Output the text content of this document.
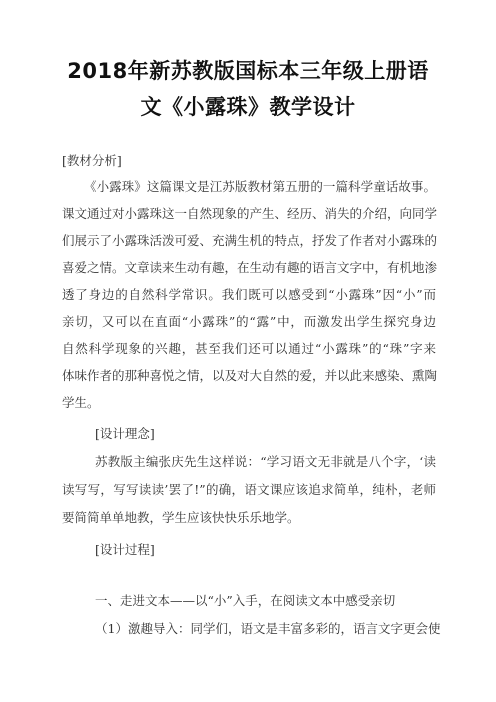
2018年新苏教版国标本三年级上册语
文《小露珠》教学设计
[教材分析]
《小露珠》这篇课文是江苏版教材第五册的一篇科学童话故事。
课文通过对小露珠这一自然现象的产生、经历、消失的介绍，向同学
们展示了小露珠活泼可爱、充满生机的特点，抒发了作者对小露珠的
喜爱之情。文章读来生动有趣，在生动有趣的语言文字中，有机地渗
透了身边的自然科学常识。我们既可以感受到“小露珠”因“小”而
亲切，又可以在直面“小露珠”的“露”中，而激发出学生探究身边
自然科学现象的兴趣，甚至我们还可以通过“小露珠”的“珠”字来
体味作者的那种喜悦之情，以及对大自然的爱，并以此来感染、熏陶
学生。
[设计理念]
苏教版主编张庆先生这样说：“学习语文无非就是八个字，‘读
读写写，写写读读’罢了!”的确，语文课应该追求简单，纯朴，老师
要简简单单地教，学生应该快快乐乐地学。
[设计过程]
一、走进文本——以“小”入手，在阅读文本中感受亲切
（1）激趣导入：同学们，语文是丰富多彩的，语言文字更会使
